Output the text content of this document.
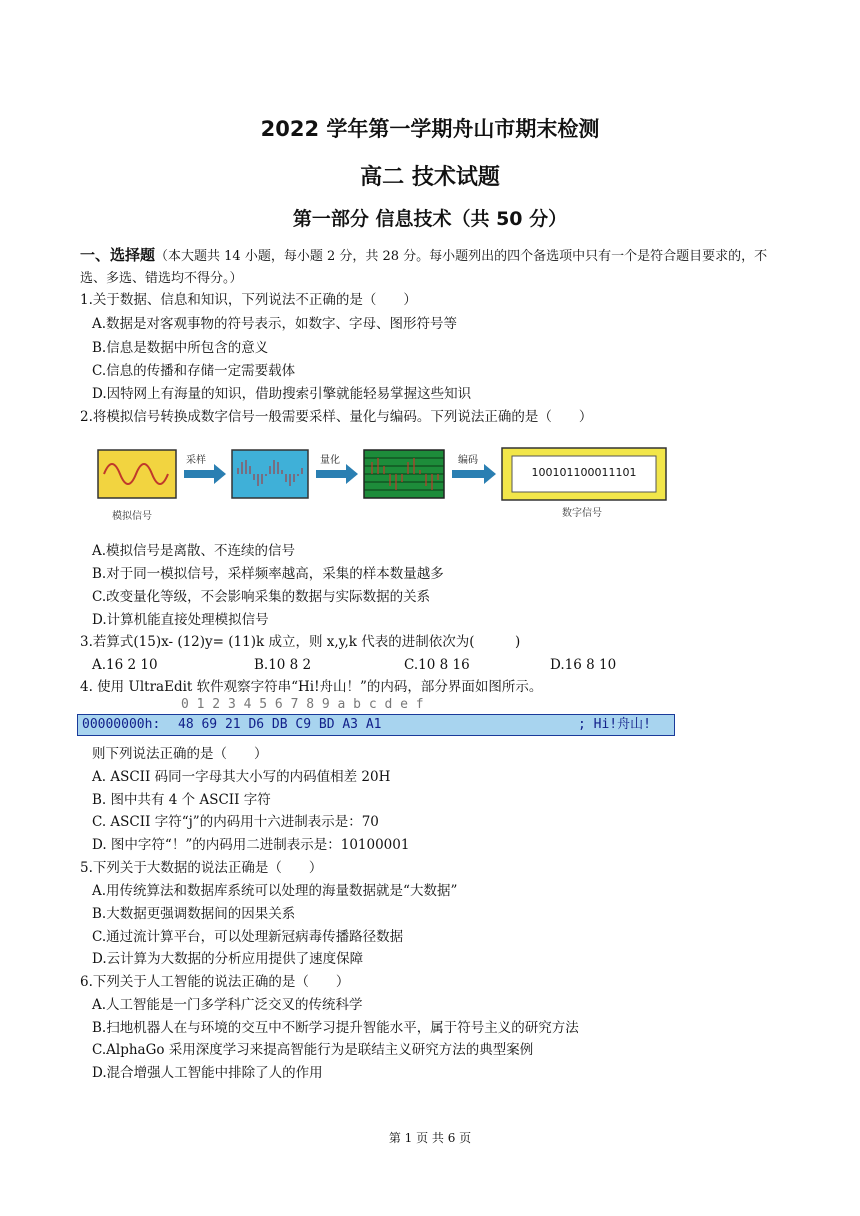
2022 学年第一学期舟山市期末检测
高二 技术试题
第一部分 信息技术（共 50 分）
一、选择题（本大题共 14 小题，每小题 2 分，共 28 分。每小题列出的四个备选项中只有一个是符合题目要求的，不选、多选、错选均不得分。）
1.关于数据、信息和知识，下列说法不正确的是（　　）
A.数据是对客观事物的符号表示，如数字、字母、图形符号等
B.信息是数据中所包含的意义
C.信息的传播和存储一定需要载体
D.因特网上有海量的知识，借助搜索引擎就能轻易掌握这些知识
2.将模拟信号转换成数字信号一般需要采样、量化与编码。下列说法正确的是（　　）
采样	量化	编码
100101100011101
模拟信号	数字信号
A.模拟信号是离散、不连续的信号
B.对于同一模拟信号，采样频率越高，采集的样本数量越多
C.改变量化等级，不会影响采集的数据与实际数据的关系
D.计算机能直接处理模拟信号
3.若算式(15)x- (12)y= (11)k 成立，则 x,y,k 代表的进制依次为(　　　)
A.16 2 10	B.10 8 2	C.10 8 16	D.16 8 10
4. 使用 UltraEdit 软件观察字符串“Hi!舟山！”的内码，部分界面如图所示。
0 1 2 3 4 5 6 7 8 9 a b c d e f
00000000h: 48 69 21 D6 DB C9 BD A3 A1	; Hi!舟山!
则下列说法正确的是（　　）
A. ASCII 码同一字母其大小写的内码值相差 20H
B. 图中共有 4 个 ASCII 字符
C. ASCII 字符“j”的内码用十六进制表示是：70
D. 图中字符“！”的内码用二进制表示是：10100001
5.下列关于大数据的说法正确是（　　）
A.用传统算法和数据库系统可以处理的海量数据就是“大数据”
B.大数据更强调数据间的因果关系
C.通过流计算平台，可以处理新冠病毒传播路径数据
D.云计算为大数据的分析应用提供了速度保障
6.下列关于人工智能的说法正确的是（　　）
A.人工智能是一门多学科广泛交叉的传统科学
B.扫地机器人在与环境的交互中不断学习提升智能水平，属于符号主义的研究方法
C.AlphaGo 采用深度学习来提高智能行为是联结主义研究方法的典型案例
D.混合增强人工智能中排除了人的作用
第 1 页 共 6 页
